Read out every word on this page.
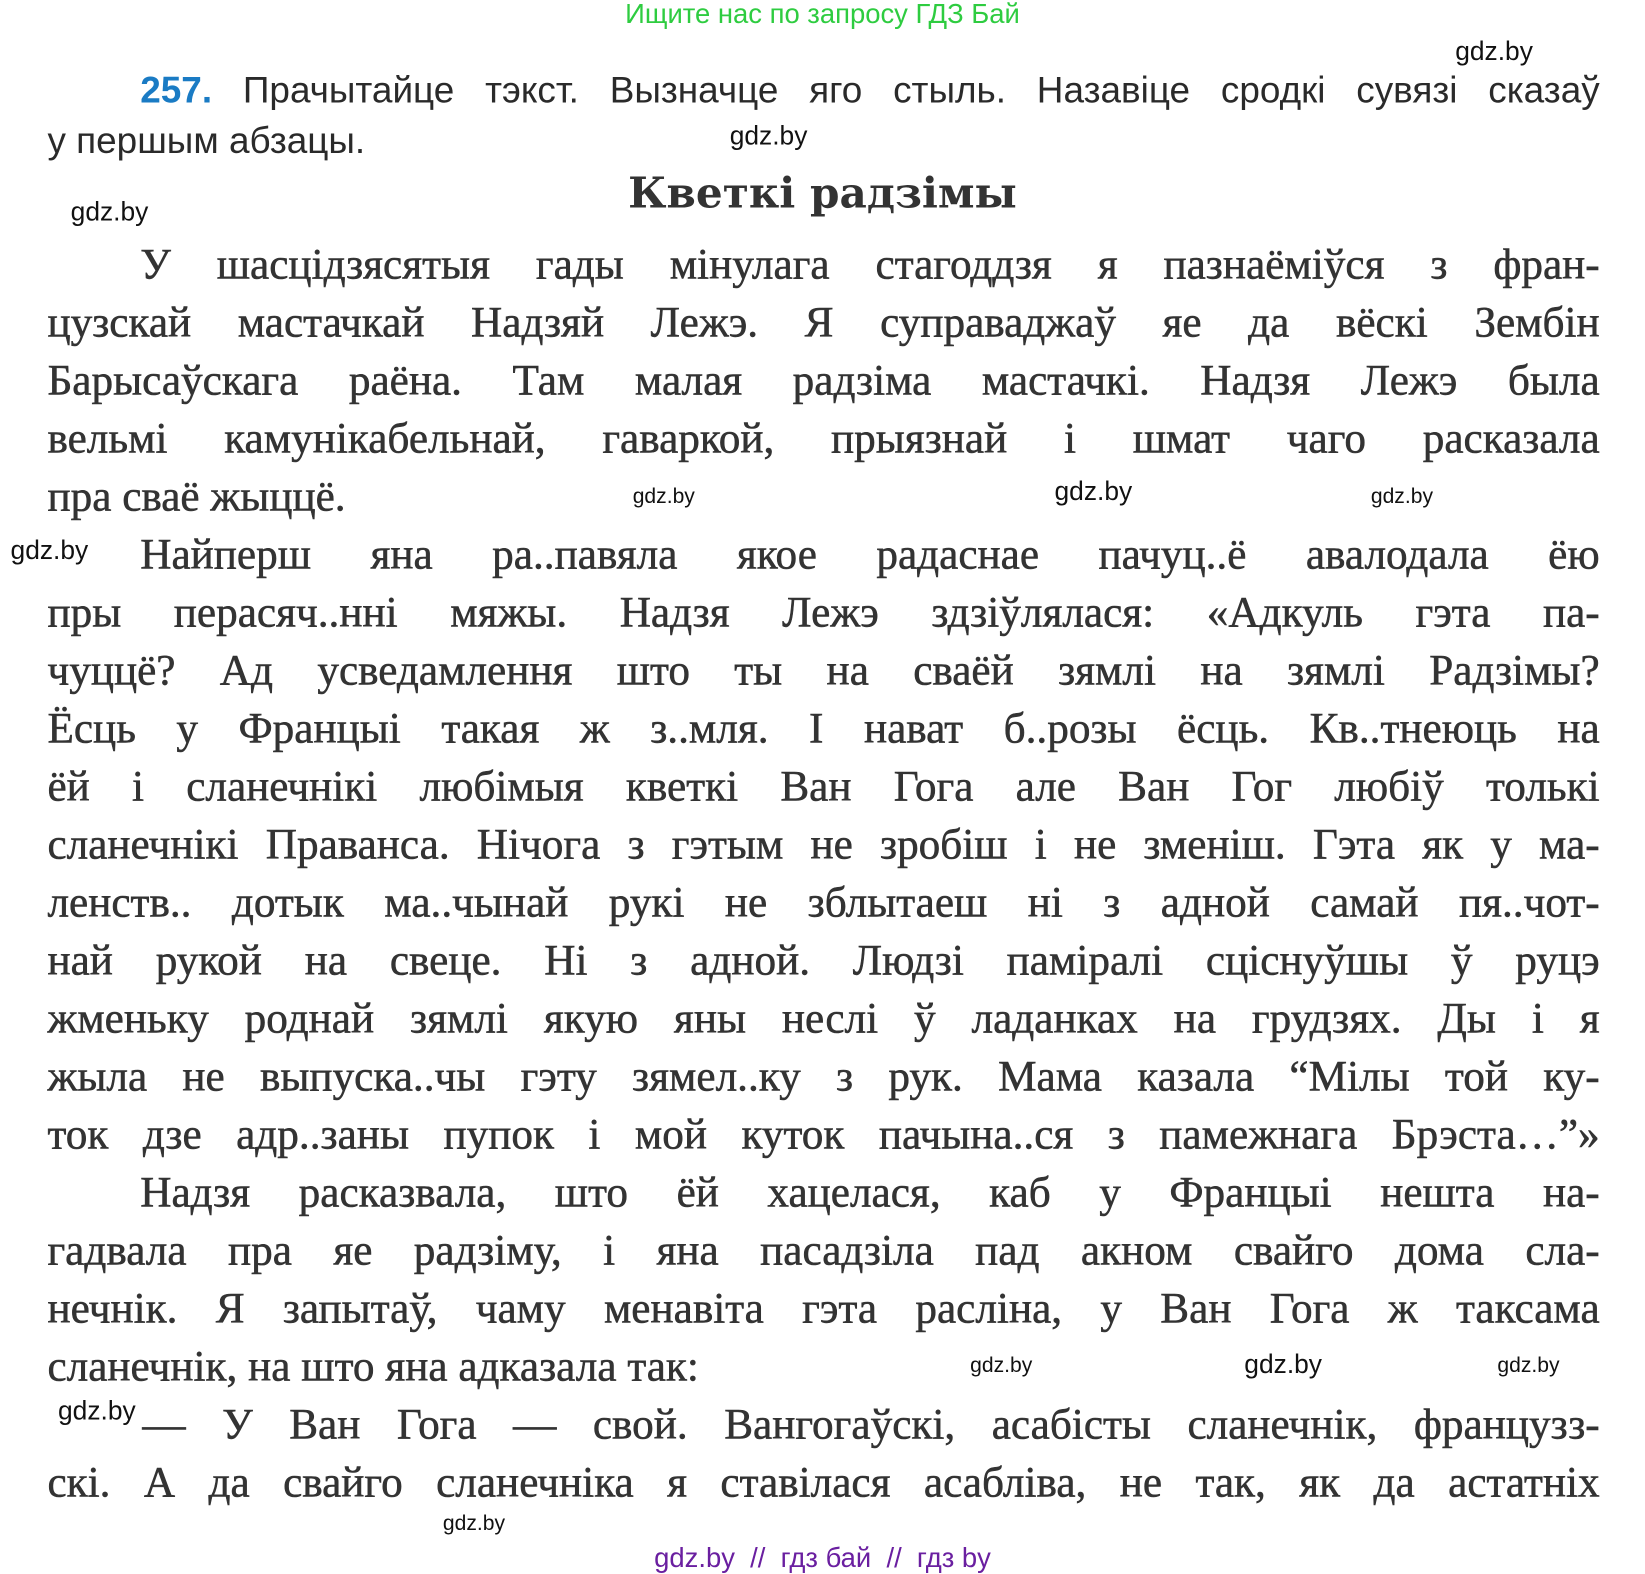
Ищите нас по запросу ГДЗ Бай
257. Прачытайце тэкст. Вызначце яго стыль. Назавіце сродкі сувязі сказаў
у першым абзацы.
Кветкі радзімы
У шасцідзясятыя гады мінулага стагоддзя я пазнаёміўся з фран-
цузскай мастачкай Надзяй Лежэ. Я суправаджаў яе да вёскі Зембін
Барысаўскага раёна. Там малая радзіма мастачкі. Надзя Лежэ была
вельмі камунікабельнай, гаваркой, прыязнай і шмат чаго расказала
пра сваё жыццё.
Найперш яна ра..павяла якое радаснае пачуц..ё авалодала ёю
пры перасяч..нні мяжы. Надзя Лежэ здзіўлялася: «Адкуль гэта па-
чуццё? Ад усведамлення што ты на сваёй зямлі на зямлі Радзімы?
Ёсць у Францыі такая ж з..мля. І нават б..розы ёсць. Кв..тнеюць на
ёй і сланечнікі любімыя кветкі Ван Гога але Ван Гог любіў толькі
сланечнікі Праванса. Нічога з гэтым не зробіш і не зменіш. Гэта як у ма-
ленств.. дотык ма..чынай рукі не зблытаеш ні з адной самай пя..чот-
най рукой на свеце. Ні з адной. Людзі паміралі сціснуўшы ў руцэ
жменьку роднай зямлі якую яны неслі ў ладанках на грудзях. Ды і я
жыла не выпуска..чы гэту зямел..ку з рук. Мама казала “Мілы той ку-
ток дзе адр..заны пупок і мой куток пачына..ся з памежнага Брэста…”»
Надзя расказвала, што ёй хацелася, каб у Францыі нешта на-
гадвала пра яе радзіму, і яна пасадзіла пад акном свайго дома сла-
нечнік. Я запытаў, чаму менавіта гэта расліна, у Ван Гога ж таксама
сланечнік, на што яна адказала так:
— У Ван Гога — свой. Вангогаўскі, асабісты сланечнік, французз-
скі. А да свайго сланечніка я ставілася асабліва, не так, як да астатніх
gdz.by
gdz.by
gdz.by
gdz.by
gdz.by
gdz.by	gdz.by
gdz.by
gdz.by	gdz.by
gdz.by
gdz.by
gdz.by  //  гдз бай  //  гдз by
